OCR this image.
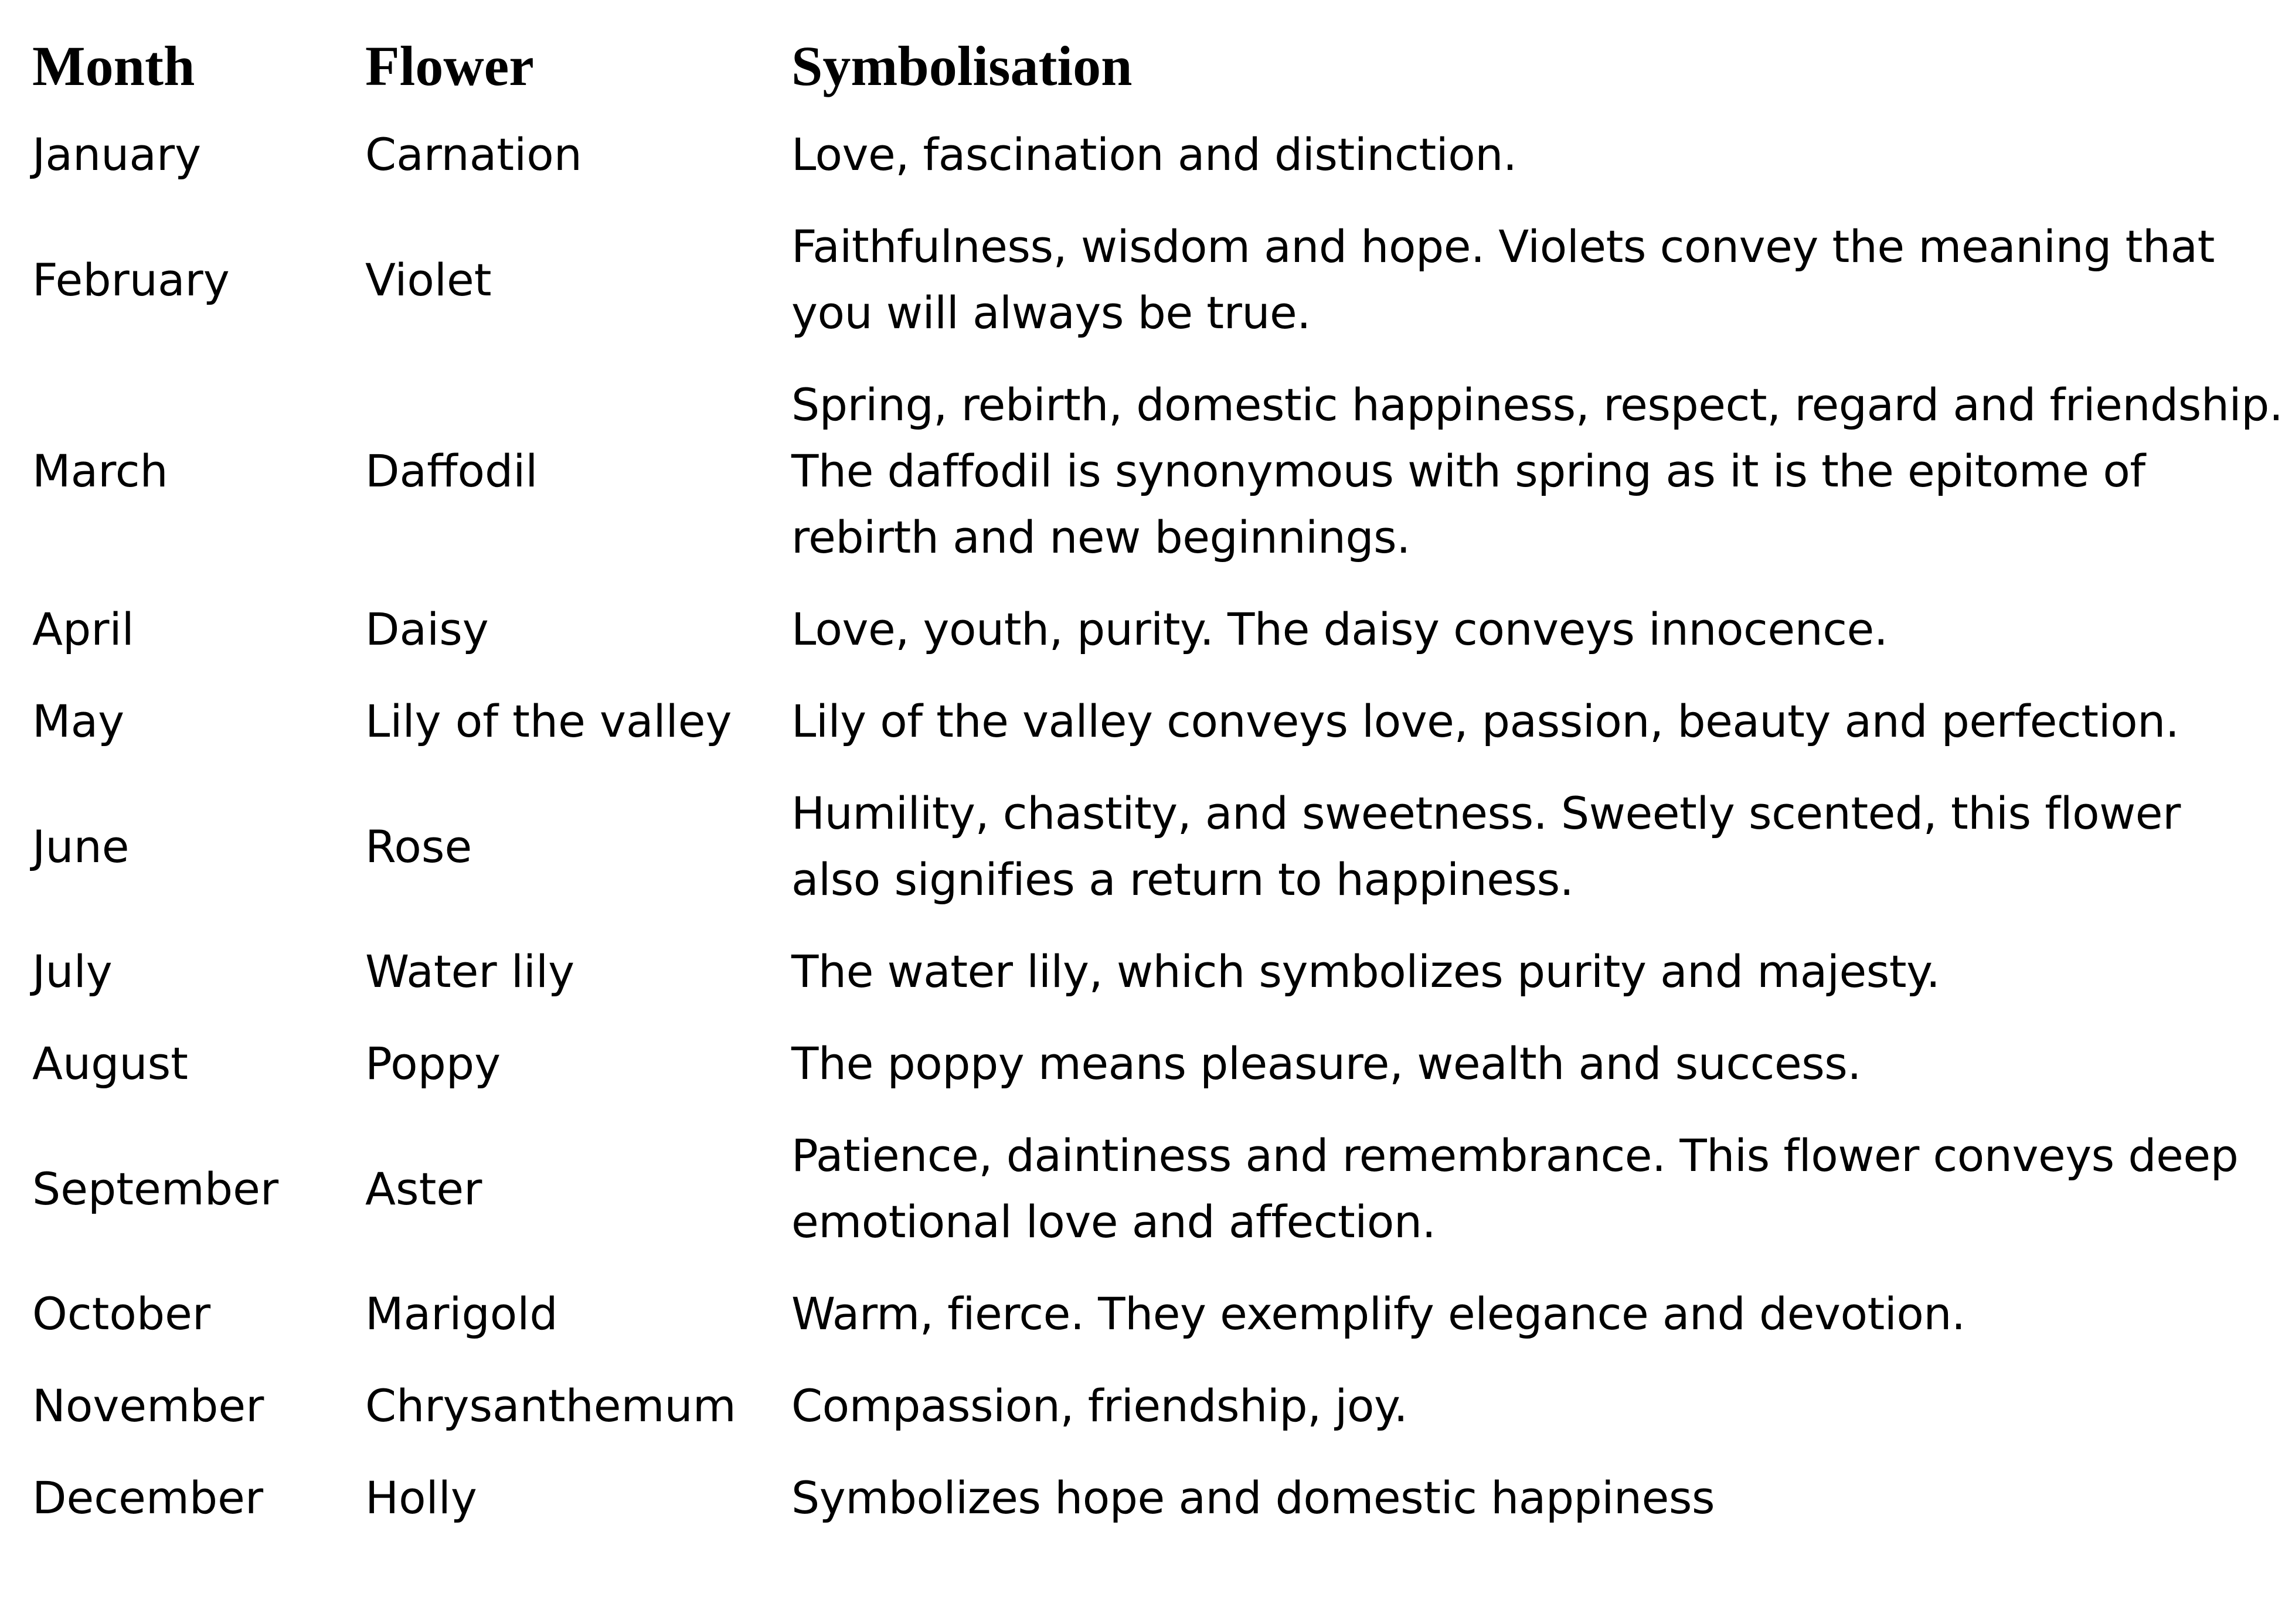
Month	Flower	Symbolisation
January	Carnation	Love, fascination and distinction.
February	Violet	Faithfulness, wisdom and hope. Violets convey the meaning that you will always be true.
March	Daffodil	Spring, rebirth, domestic happiness, respect, regard and friendship. The daffodil is synonymous with spring as it is the epitome of rebirth and new beginnings.
April	Daisy	Love, youth, purity. The daisy conveys innocence.
May	Lily of the valley	Lily of the valley conveys love, passion, beauty and perfection.
June	Rose	Humility, chastity, and sweetness. Sweetly scented, this flower also signifies a return to happiness.
July	Water lily	The water lily, which symbolizes purity and majesty.
August	Poppy	The poppy means pleasure, wealth and success.
September	Aster	Patience, daintiness and remembrance. This flower conveys deep emotional love and affection.
October	Marigold	Warm, fierce. They exemplify elegance and devotion.
November	Chrysanthemum	Compassion, friendship, joy.
December	Holly	Symbolizes hope and domestic happiness
